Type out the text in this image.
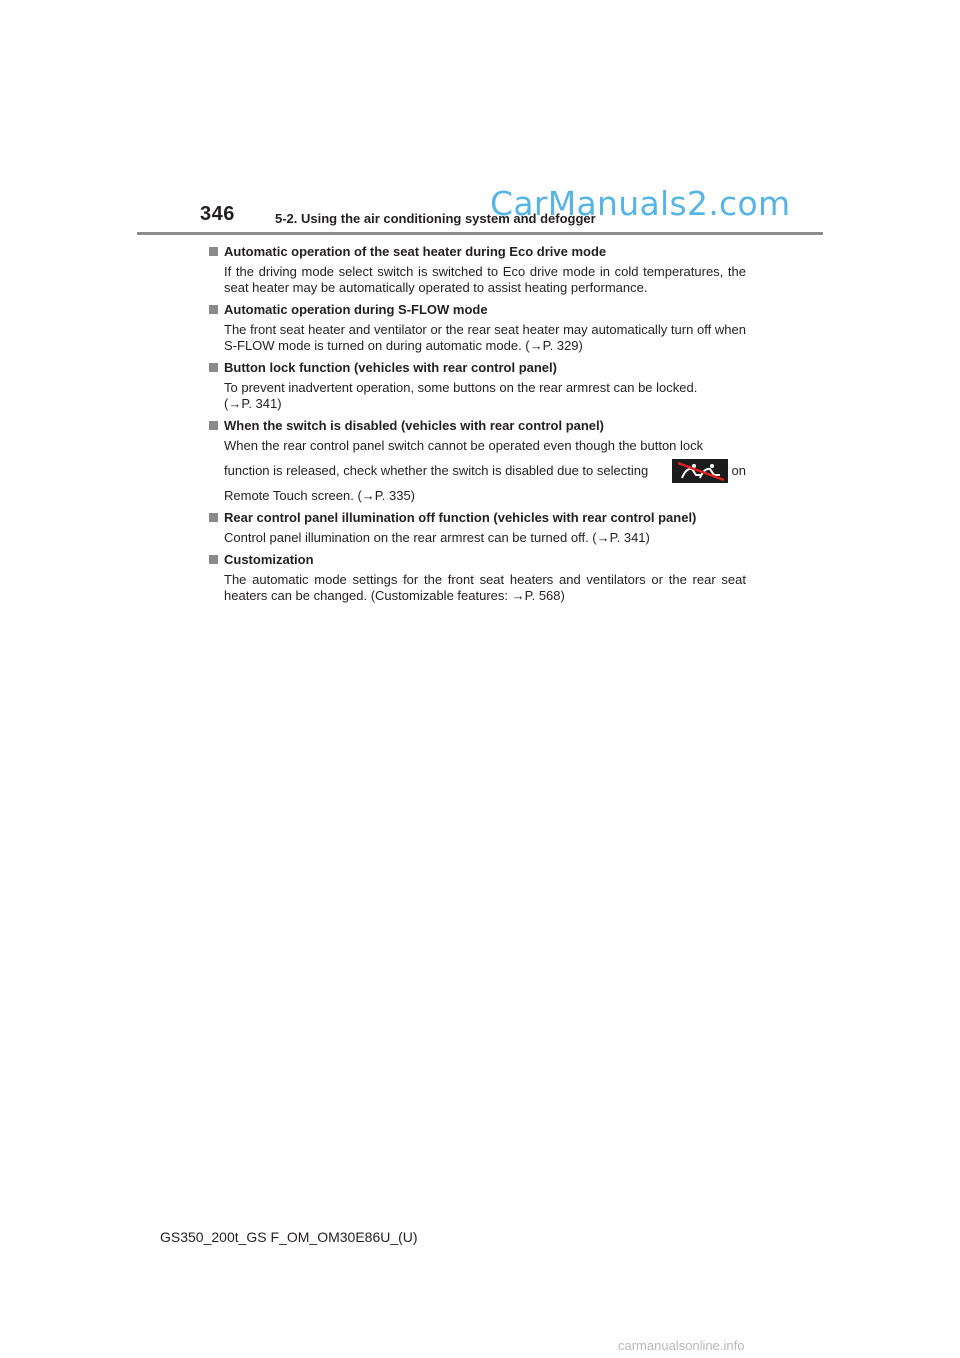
346	5-2. Using the air conditioning system and defogger
CarManuals2.com
Automatic operation of the seat heater during Eco drive mode

If the driving mode select switch is switched to Eco drive mode in cold temperatures, the seat heater may be automatically operated to assist heating performance.

Automatic operation during S-FLOW mode

The front seat heater and ventilator or the rear seat heater may automatically turn off when S-FLOW mode is turned on during automatic mode. (→P. 329)

Button lock function (vehicles with rear control panel)

To prevent inadvertent operation, some buttons on the rear armrest can be locked.

(→P. 341)

When the switch is disabled (vehicles with rear control panel)

When the rear control panel switch cannot be operated even though the button lock

function is released, check whether the switch is disabled due to selecting	on

Remote Touch screen. (→P. 335)

Rear control panel illumination off function (vehicles with rear control panel)

Control panel illumination on the rear armrest can be turned off. (→P. 341)

Customization

The automatic mode settings for the front seat heaters and ventilators or the rear seat heaters can be changed. (Customizable features: →P. 568)

GS350_200t_GS F_OM_OM30E86U_(U)
carmanualsonline.info
